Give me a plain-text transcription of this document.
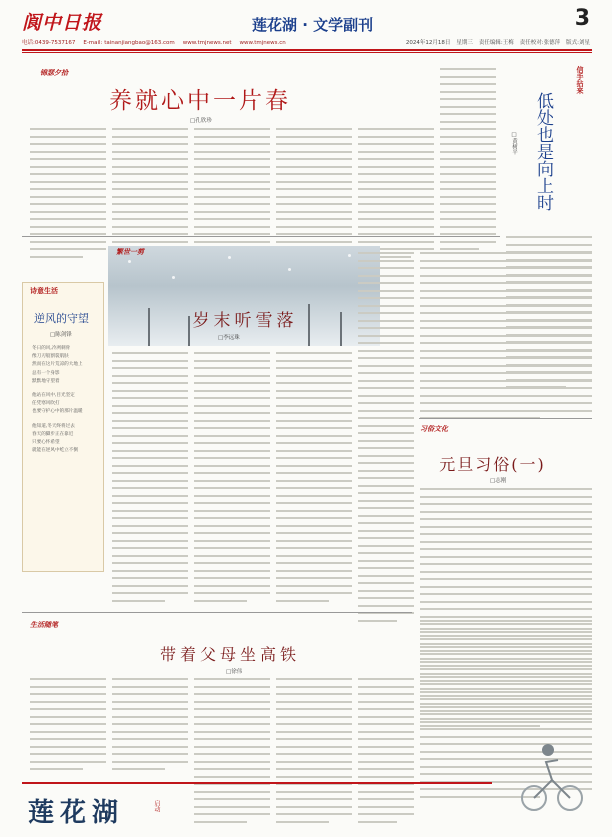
阆中日报	莲花湖 · 文学副刊	3
电话:0439-7537167 E-mail: tainanjiangbao@163.com www.tmjnews.net www.tmjnews.cn	2024年12月18日 星期三 责任编辑:王梅 责任校对:张德萍 版式:刘星
锦瑟夕拾
养就心中一片春
□孔欣珍
信手拈来
低处也是向上时
□黄树平
诗意生活
逆风的守望
□陈剑锋
冬日的风,冷冽刺骨
像刀刃般割裂肌肤
然而在这片荒凉的大地上
总有一个身影
默默地守望着
他站在风中,目光坚定
任凭寒风吹打
也要守护心中的那片温暖
他知道,冬天终将过去
春天的脚步正在靠近
只要心怀希望
就能在逆风中屹立不倒
繁世一剪
岁末听雪落
□李远珠
习俗文化
元旦习俗(一)
□志刚
生活随笔
带着父母坐高铁
□徐伟
莲花湖	启动
